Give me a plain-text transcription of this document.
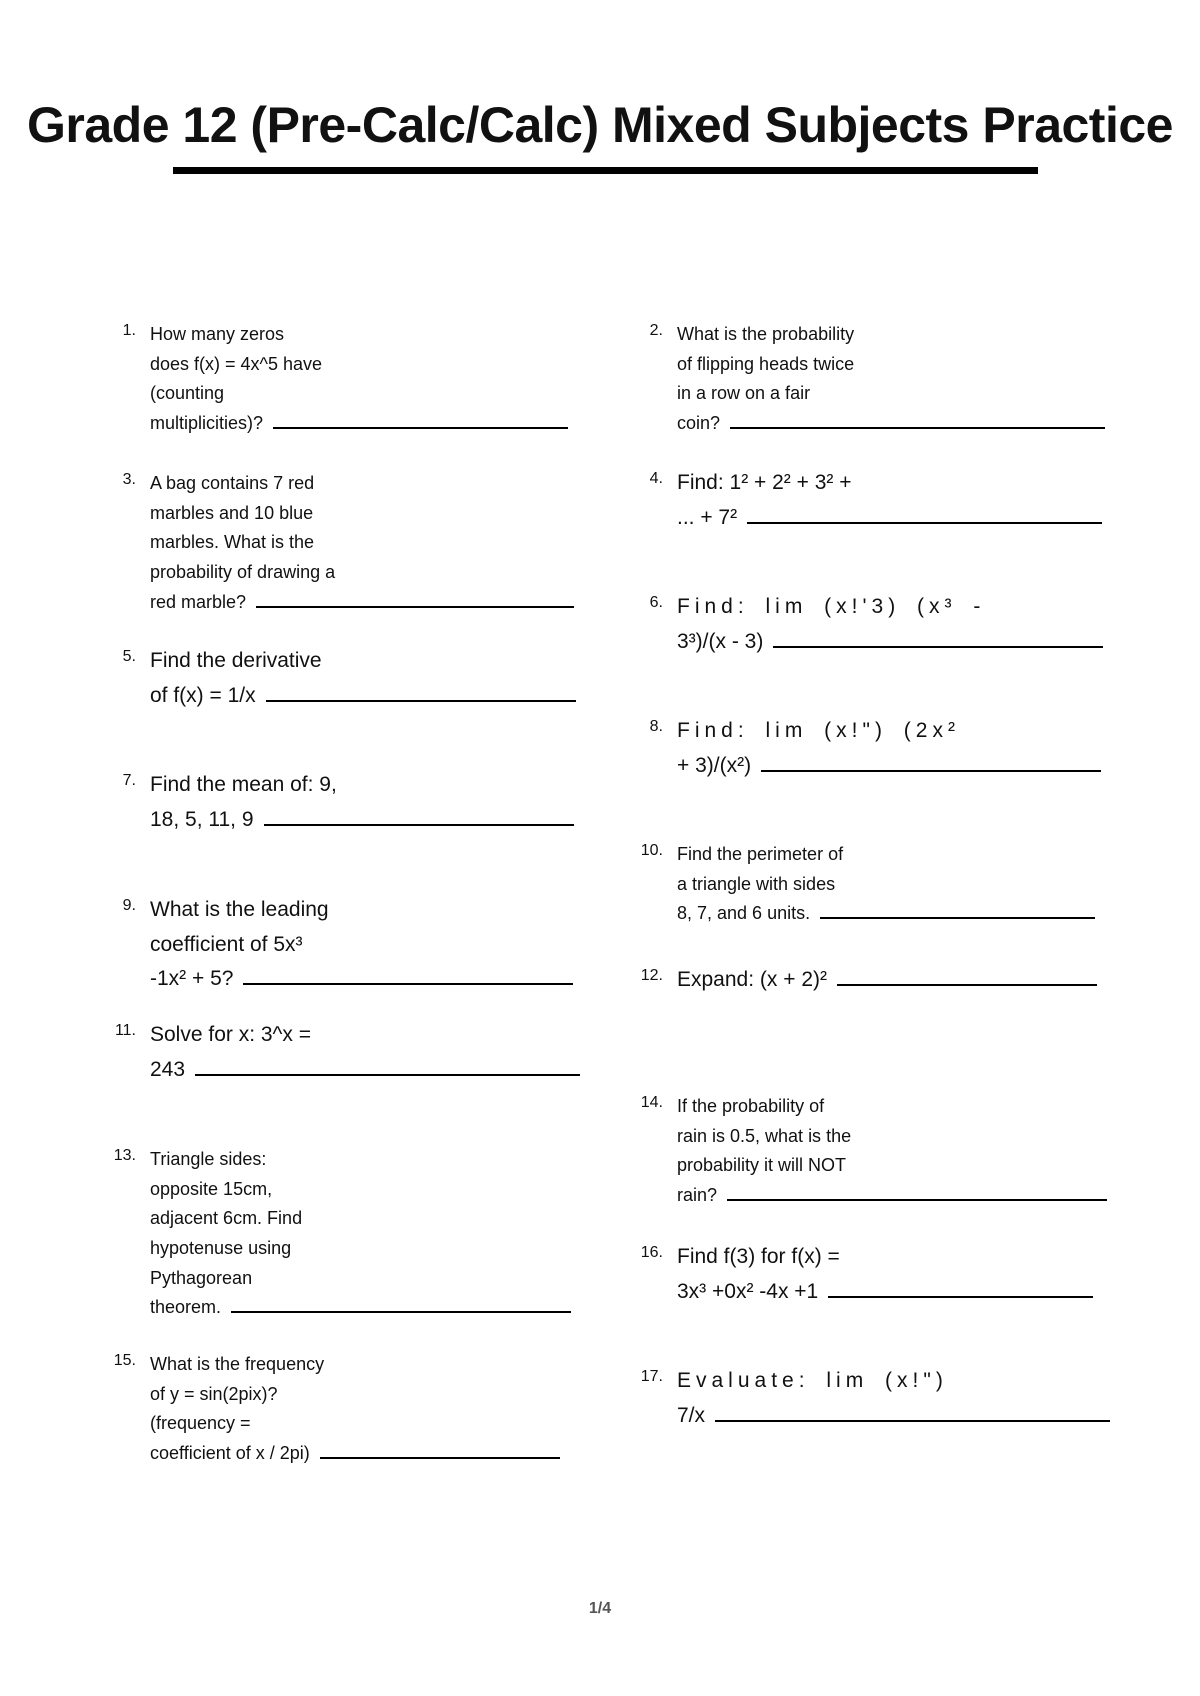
Grade 12 (Pre-Calc/Calc) Mixed Subjects Practice
1. How many zeros
does f(x) = 4x^5 have
(counting
multiplicities)?
3. A bag contains 7 red
marbles and 10 blue
marbles. What is the
probability of drawing a
red marble?
5. Find the derivative
of f(x) = 1/x
7. Find the mean of: 9,
18, 5, 11, 9
9. What is the leading
coefficient of 5x³
-1x² + 5?
11. Solve for x: 3^x =
243
13. Triangle sides:
opposite 15cm,
adjacent 6cm. Find
hypotenuse using
Pythagorean
theorem.
15. What is the frequency
of y = sin(2pix)?
(frequency =
coefficient of x / 2pi)
2. What is the probability
of flipping heads twice
in a row on a fair
coin?
4. Find: 1² + 2² + 3² +
... + 7²
6. Find: lim (x!'3) (x³ -
3³)/(x - 3)
8. Find: lim (x!") (2x²
+ 3)/(x²)
10. Find the perimeter of
a triangle with sides
8, 7, and 6 units.
12. Expand: (x + 2)²
14. If the probability of
rain is 0.5, what is the
probability it will NOT
rain?
16. Find f(3) for f(x) =
3x³ +0x² -4x +1
17. Evaluate: lim (x!")
7/x
1/4
